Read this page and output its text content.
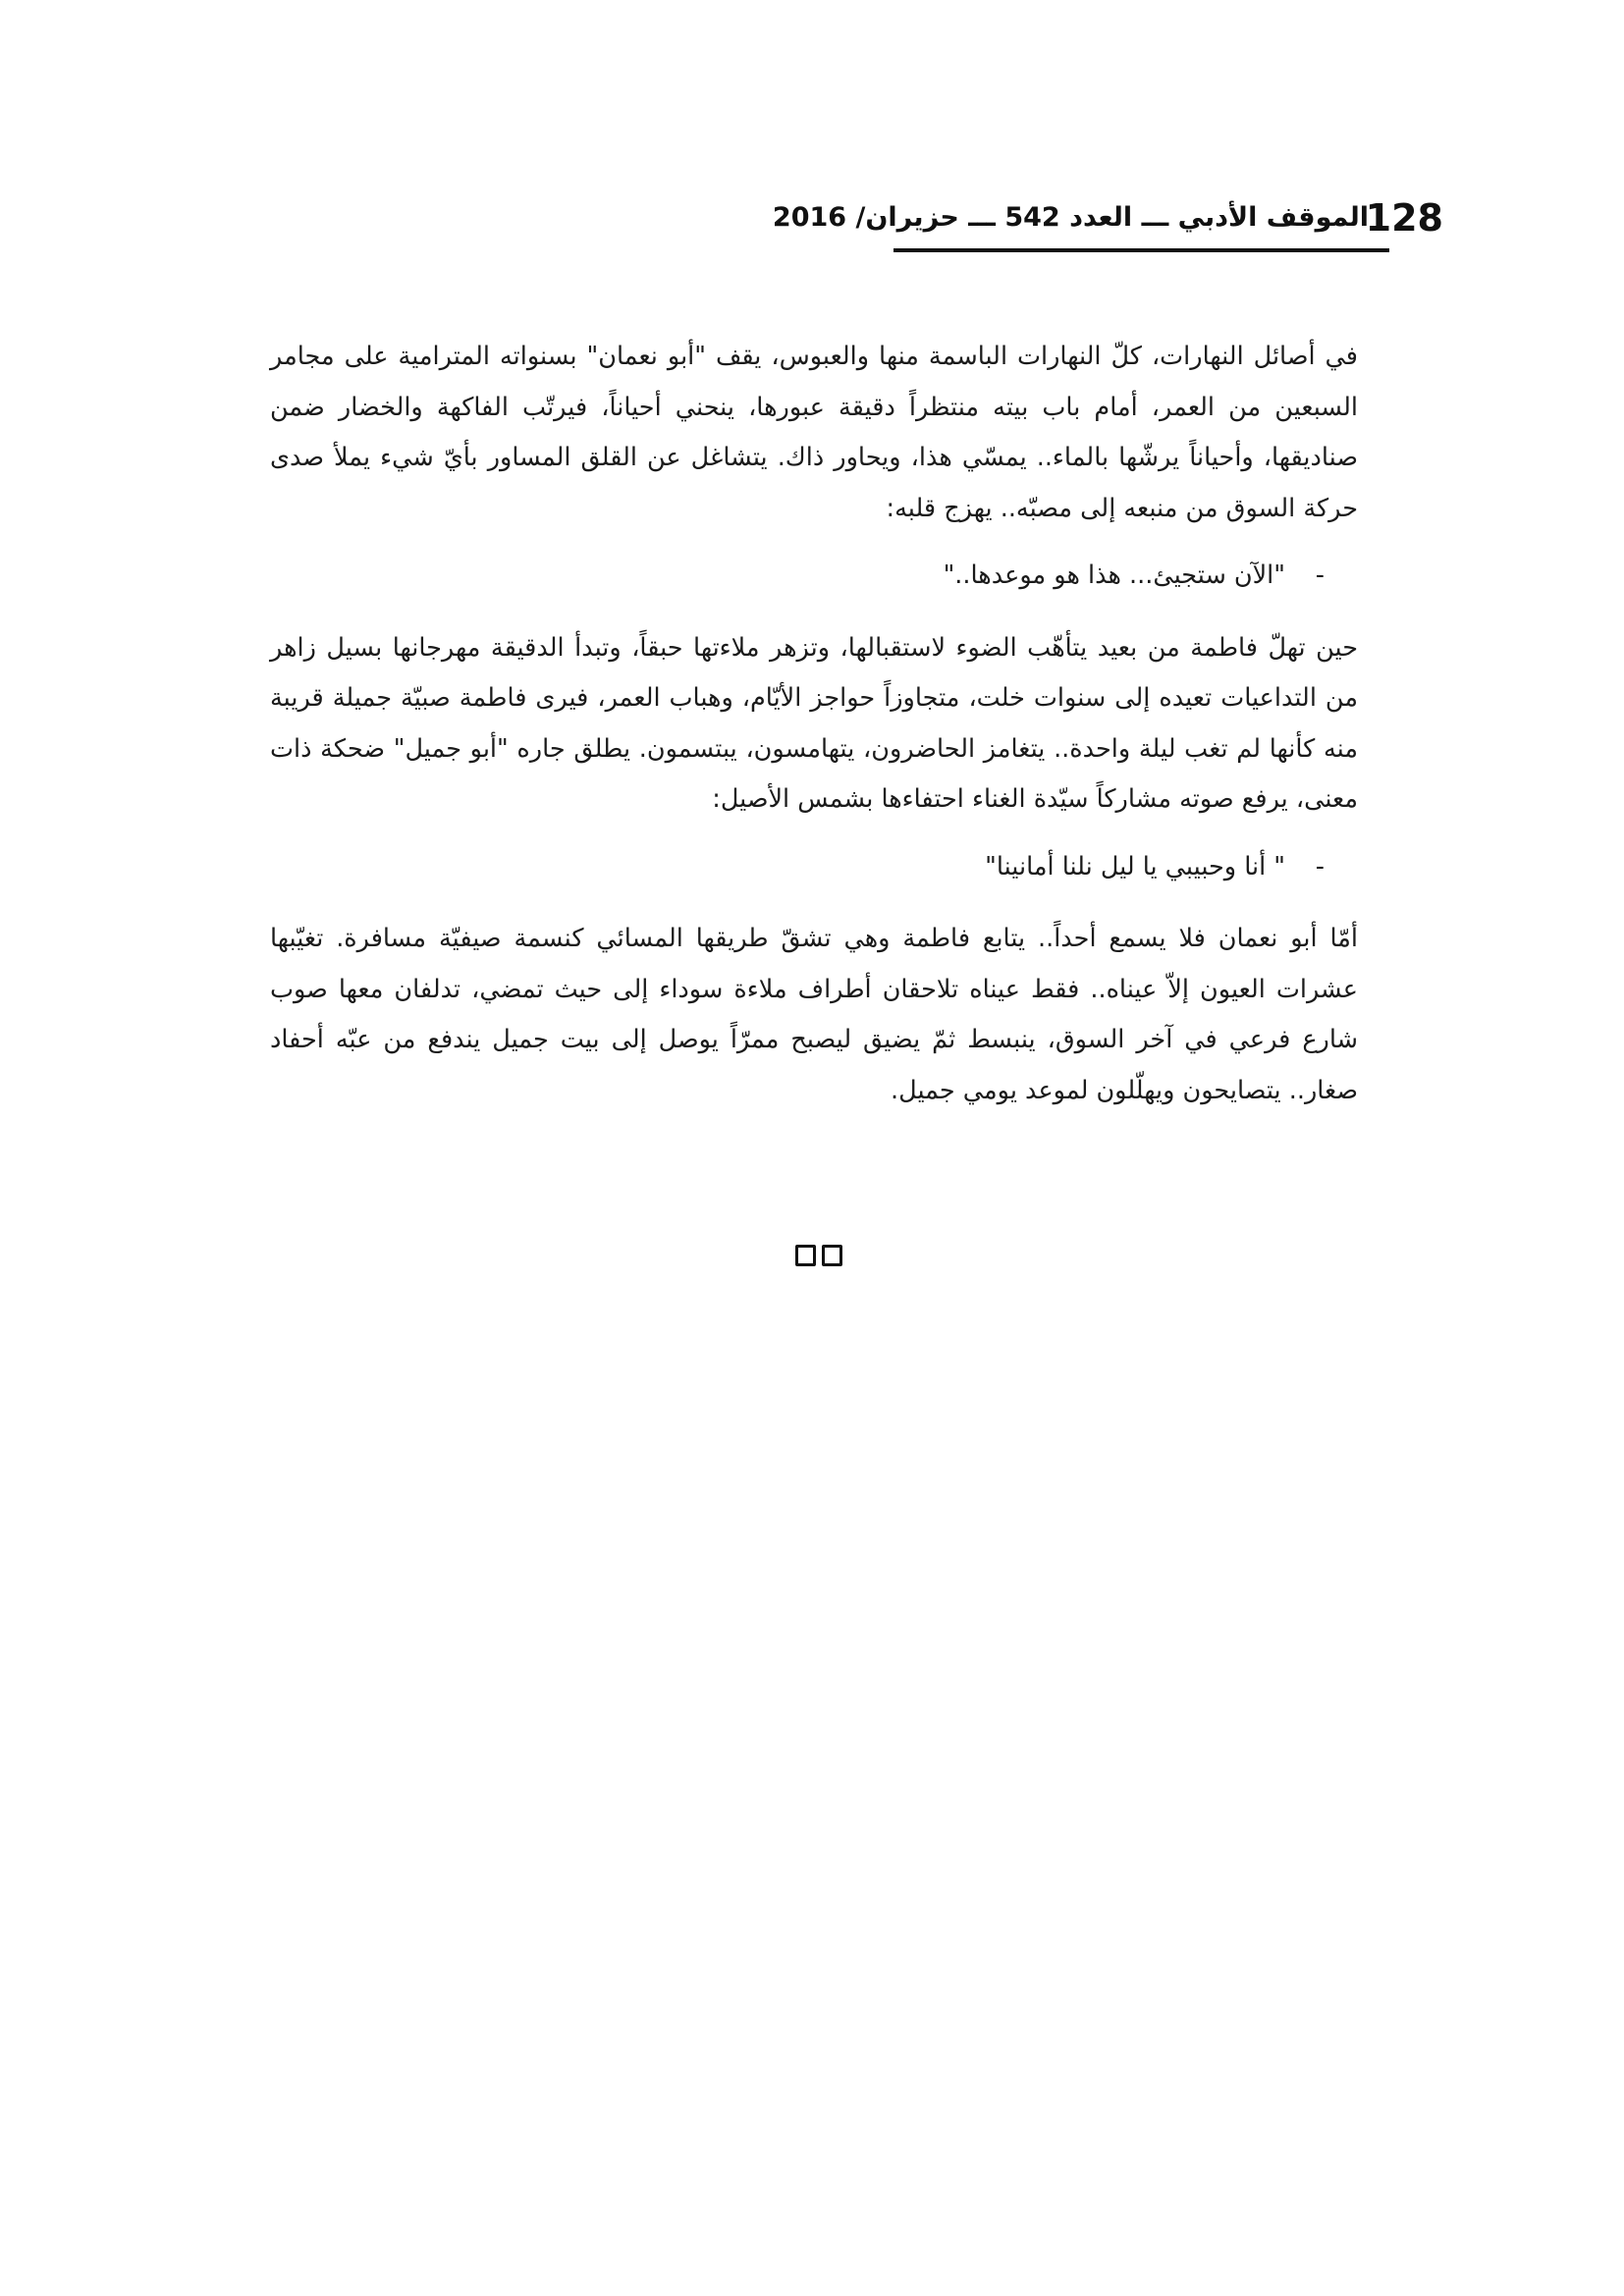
الموقف الأدبي ـــ العدد 542 ـــ حزيران/ 2016
128

في أصائل النهارات، كلّ النهارات الباسمة منها والعبوس، يقف "أبو نعمان" بسنواته المترامية على مجامر السبعين من العمر، أمام باب بيته منتظراً دقيقة عبورها، ينحني أحياناً، فيرتّب الفاكهة والخضار ضمن صناديقها، وأحياناً يرشّها بالماء.. يمسّي هذا، ويحاور ذاك. يتشاغل عن القلق المساور بأيّ شيء يملأ صدى حركة السوق من منبعه إلى مصبّه.. يهزج قلبه:

-"الآن ستجيئ... هذا هو موعدها.."

حين تهلّ فاطمة من بعيد يتأهّب الضوء لاستقبالها، وتزهر ملاءتها حبقاً، وتبدأ الدقيقة مهرجانها بسيل زاهر من التداعيات تعيده إلى سنوات خلت، متجاوزاً حواجز الأيّام، وهباب العمر، فيرى فاطمة صبيّة جميلة قريبة منه كأنها لم تغب ليلة واحدة.. يتغامز الحاضرون، يتهامسون، يبتسمون. يطلق جاره "أبو جميل" ضحكة ذات معنى، يرفع صوته مشاركاً سيّدة الغناء احتفاءها بشمس الأصيل:

-" أنا وحبيبي يا ليل نلنا أمانينا"

أمّا أبو نعمان فلا يسمع أحداً.. يتابع فاطمة وهي تشقّ طريقها المسائي كنسمة صيفيّة مسافرة. تغيّبها عشرات العيون إلاّ عيناه.. فقط عيناه تلاحقان أطراف ملاءة سوداء إلى حيث تمضي، تدلفان معها صوب شارع فرعي في آخر السوق، ينبسط ثمّ يضيق ليصبح ممرّاً يوصل إلى بيت جميل يندفع من عبّه أحفاد صغار.. يتصايحون ويهلّلون لموعد يومي جميل.
